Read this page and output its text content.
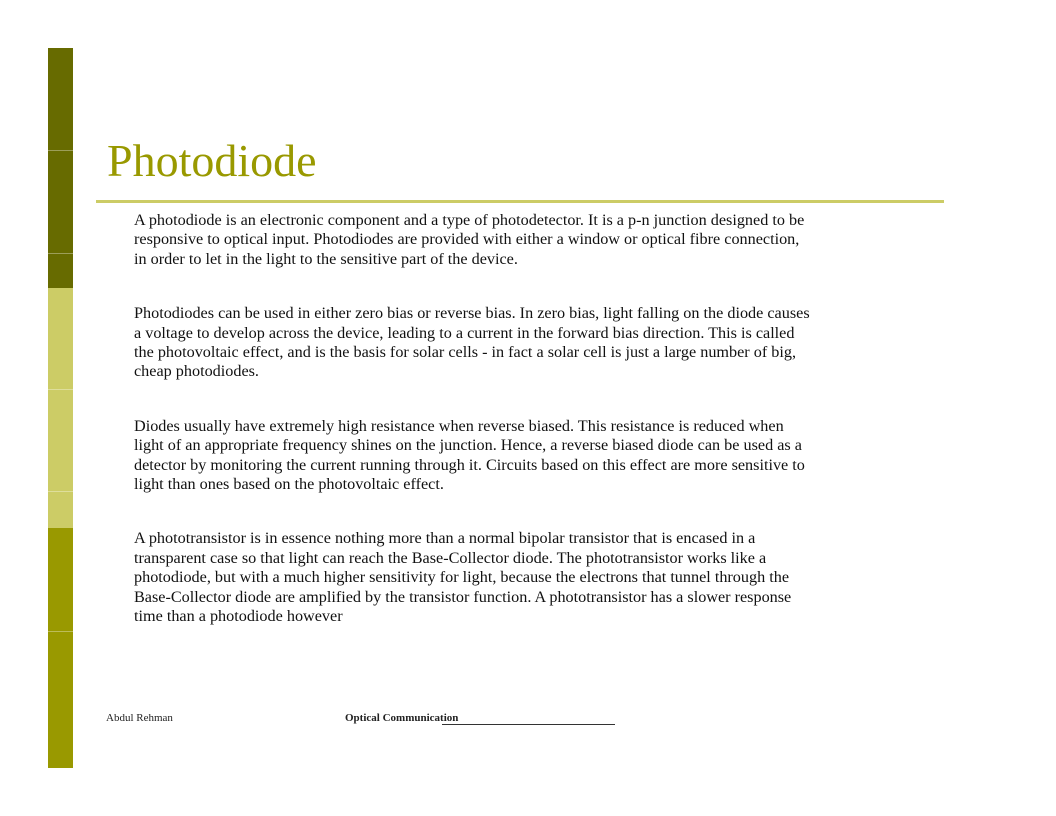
Photodiode

A photodiode is an electronic component and a type of photodetector. It is a p-n junction designed to be responsive to optical input. Photodiodes are provided with either a window or optical fibre connection, in order to let in the light to the sensitive part of the device.

Photodiodes can be used in either zero bias or reverse bias. In zero bias, light falling on the diode causes a voltage to develop across the device, leading to a current in the forward bias direction. This is called the photovoltaic effect, and is the basis for solar cells - in fact a solar cell is just a large number of big, cheap photodiodes.

Diodes usually have extremely high resistance when reverse biased. This resistance is reduced when light of an appropriate frequency shines on the junction. Hence, a reverse biased diode can be used as a detector by monitoring the current running through it. Circuits based on this effect are more sensitive to light than ones based on the photovoltaic effect.

A phototransistor is in essence nothing more than a normal bipolar transistor that is encased in a transparent case so that light can reach the Base-Collector diode. The phototransistor works like a photodiode, but with a much higher sensitivity for light, because the electrons that tunnel through the Base-Collector diode are amplified by the transistor function. A phototransistor has a slower response time than a photodiode however

Abdul Rehman	Optical Communication
